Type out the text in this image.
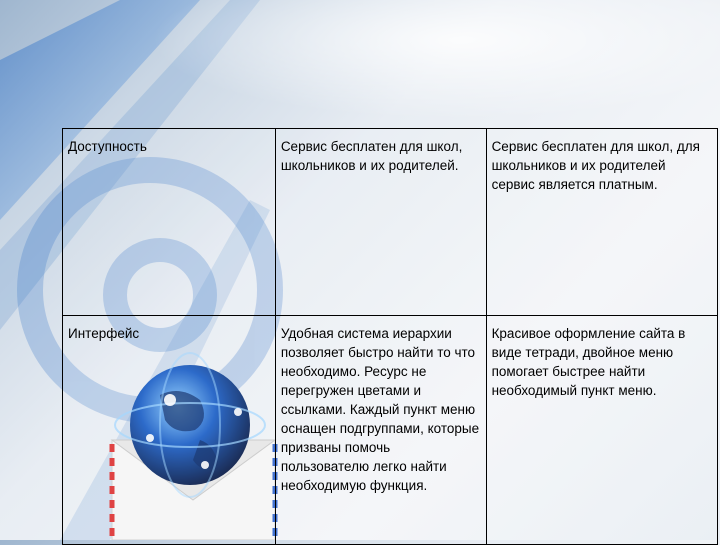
Доступность	Сервис бесплатен для школ, школьников и их родителей.	Сервис бесплатен для школ, для школьников и их родителей сервис является платным.
Интерфейс	Удобная система иерархии позволяет быстро найти то что необходимо. Ресурс не перегружен цветами и ссылками. Каждый пункт меню оснащен подгруппами, которые призваны помочь пользователю легко найти необходимую функция.	Красивое оформление сайта в виде тетради, двойное меню помогает быстрее найти необходимый пункт меню.
